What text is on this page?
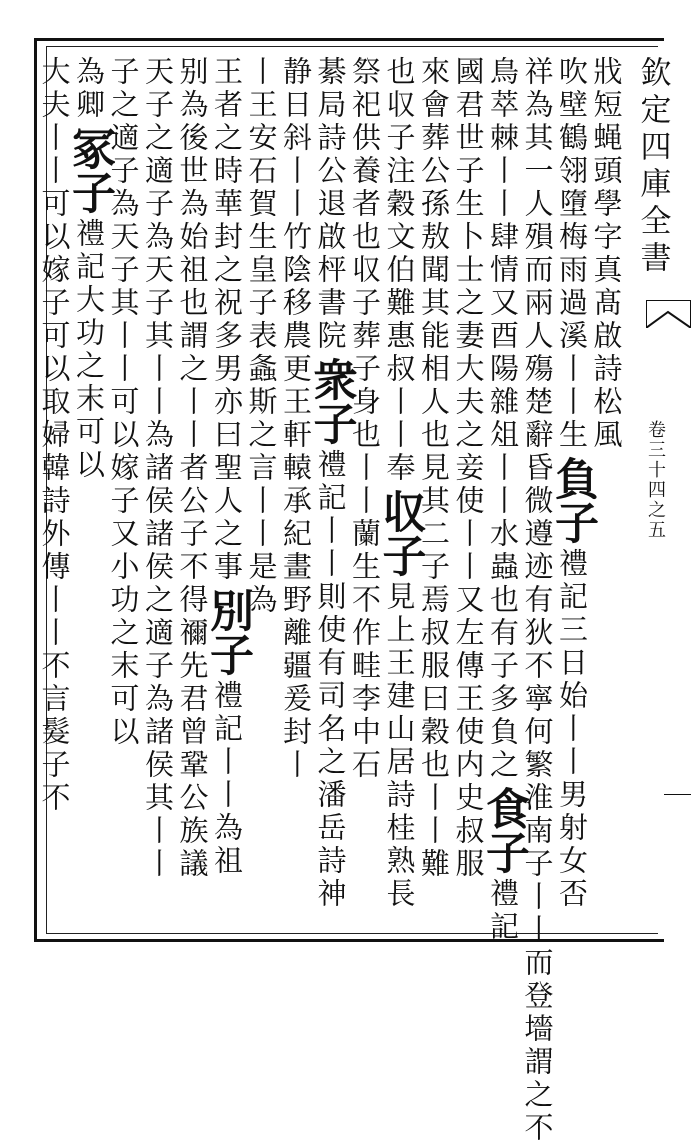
欽定四庫全書
卷三十四之五
戕短蝇頭學字真髙啟詩松風
吹壁鶴翎墮梅雨過溪丨丨生
負子
禮記三日始丨丨男射女否
祥為其一人殞而兩人殤楚辭昏微遵迹有狄不寧何繁
淮南子丨丨而登墻謂之不
鳥萃棘丨丨肆情又酉陽雜俎丨丨水蟲也有子多負之
食子
禮記
國君世子生卜士之妻大夫之妾使丨丨又左傳王使内史叔服
來會葬公孫敖聞其能相人也見其二子焉叔服曰穀也丨丨難
也収子注穀文伯難惠叔丨丨奉
収子
見上王建山居詩桂熟長
祭祀供養者也収子葬子身也
丨丨蘭生不作畦李中石
綦局詩公退啟枰書院
衆子
禮記丨丨則使有司名之潘岳詩神
静日斜丨丨竹陰移
農更王軒轅承紀畫野離疆爰封丨
丨王安石賀生皇子表螽斯之言丨丨是為
王者之時華封之祝多男亦曰聖人之事
別子
禮記丨丨為祖
别為後世為始祖也謂之丨丨者公子不得禰先君曾鞏公族議
天子之適子為天子其丨丨為諸侯諸侯之適子為諸侯其丨丨
子之適子為天子其丨丨可以嫁子又小功之末可以
為卿
冢子
禮記大功之末可以
大夫
丨丨可以嫁子可以取婦韓詩外傳丨丨不言髮子不
